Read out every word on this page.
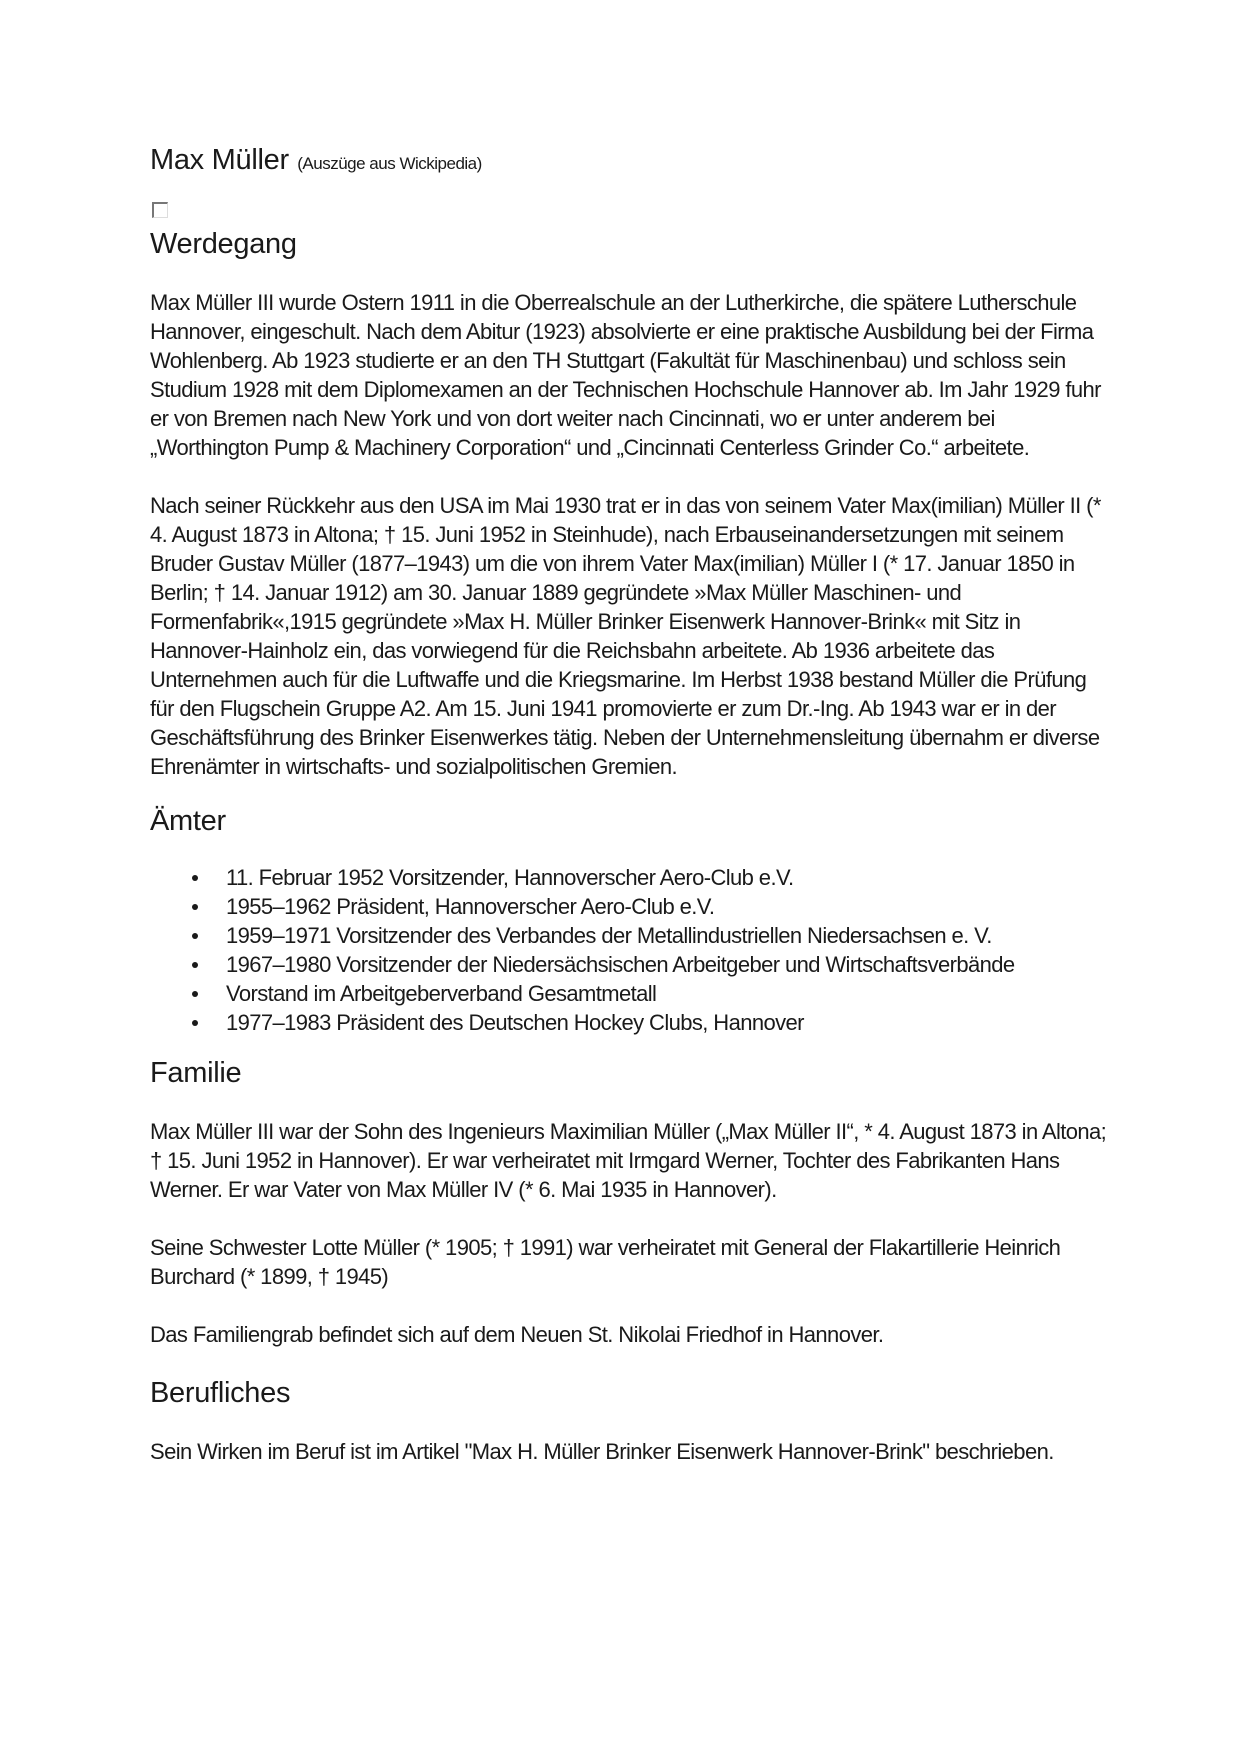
Max Müller (Auszüge aus Wickipedia)
Werdegang

Max Müller III wurde Ostern 1911 in die Oberrealschule an der Lutherkirche, die spätere Lutherschule Hannover, eingeschult. Nach dem Abitur (1923) absolvierte er eine praktische Ausbildung bei der Firma Wohlenberg. Ab 1923 studierte er an den TH Stuttgart (Fakultät für Maschinenbau) und schloss sein Studium 1928 mit dem Diplomexamen an der Technischen Hochschule Hannover ab. Im Jahr 1929 fuhr er von Bremen nach New York und von dort weiter nach Cincinnati, wo er unter anderem bei „Worthington Pump & Machinery Corporation“ und „Cincinnati Centerless Grinder Co.“ arbeitete.

Nach seiner Rückkehr aus den USA im Mai 1930 trat er in das von seinem Vater Max(imilian) Müller II (* 4. August 1873 in Altona; † 15. Juni 1952 in Steinhude), nach Erbauseinandersetzungen mit seinem Bruder Gustav Müller (1877–1943) um die von ihrem Vater Max(imilian) Müller I (* 17. Januar 1850 in Berlin; † 14. Januar 1912) am 30. Januar 1889 gegründete »Max Müller Maschinen- und Formenfabrik«,1915 gegründete »Max H. Müller Brinker Eisenwerk Hannover-Brink« mit Sitz in Hannover-Hainholz ein, das vorwiegend für die Reichsbahn arbeitete. Ab 1936 arbeitete das Unternehmen auch für die Luftwaffe und die Kriegsmarine. Im Herbst 1938 bestand Müller die Prüfung für den Flugschein Gruppe A2. Am 15. Juni 1941 promovierte er zum Dr.-Ing. Ab 1943 war er in der Geschäftsführung des Brinker Eisenwerkes tätig. Neben der Unternehmensleitung übernahm er diverse Ehrenämter in wirtschafts- und sozialpolitischen Gremien.

Ämter
11. Februar 1952 Vorsitzender, Hannoverscher Aero-Club e.V.
1955–1962 Präsident, Hannoverscher Aero-Club e.V.
1959–1971 Vorsitzender des Verbandes der Metallindustriellen Niedersachsen e. V.
1967–1980 Vorsitzender der Niedersächsischen Arbeitgeber und Wirtschaftsverbände
Vorstand im Arbeitgeberverband Gesamtmetall
1977–1983 Präsident des Deutschen Hockey Clubs, Hannover
Familie

Max Müller III war der Sohn des Ingenieurs Maximilian Müller („Max Müller II“, * 4. August 1873 in Altona; † 15. Juni 1952 in Hannover). Er war verheiratet mit Irmgard Werner, Tochter des Fabrikanten Hans Werner. Er war Vater von Max Müller IV (* 6. Mai 1935 in Hannover).

Seine Schwester Lotte Müller (* 1905; † 1991) war verheiratet mit General der Flakartillerie Heinrich Burchard (* 1899, † 1945)

Das Familiengrab befindet sich auf dem Neuen St. Nikolai Friedhof in Hannover.

Berufliches

Sein Wirken im Beruf ist im Artikel "Max H. Müller Brinker Eisenwerk Hannover-Brink" beschrieben.
